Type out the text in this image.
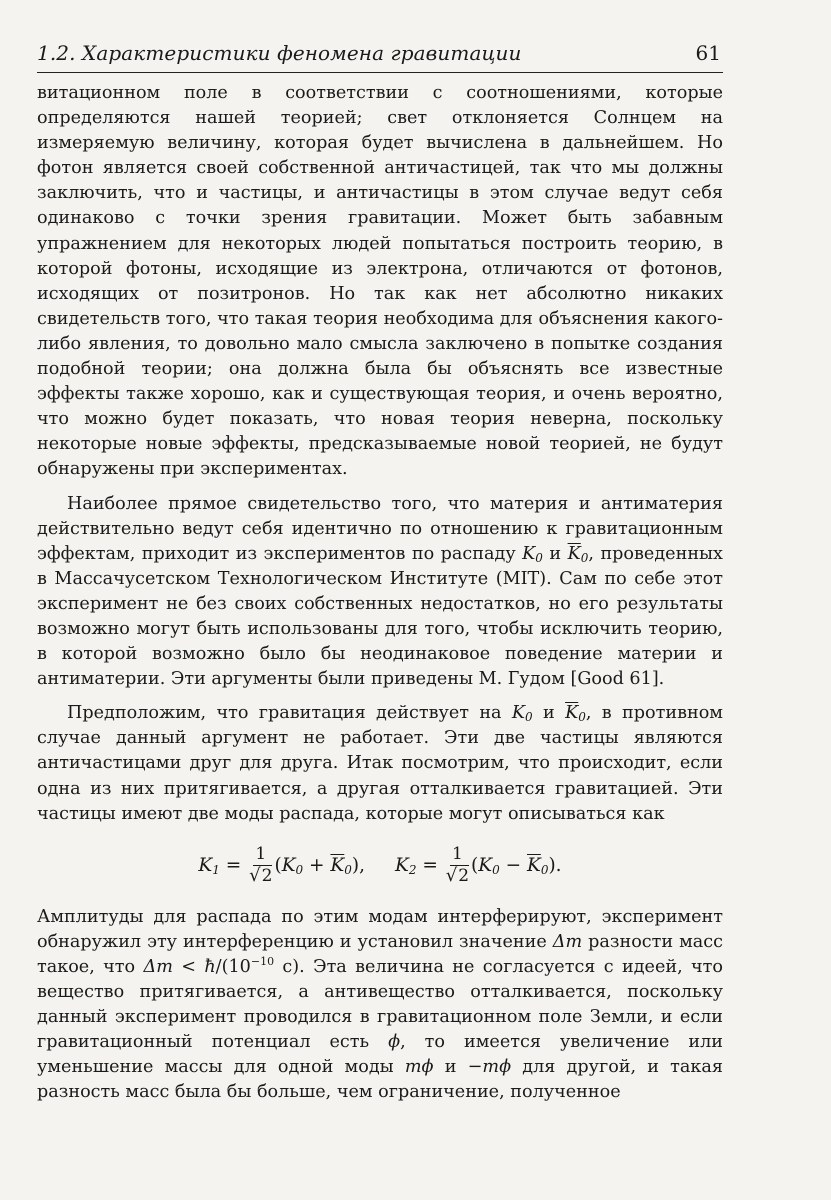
1.2. Характеристики феномена гравитации	61

витационном поле в соответствии с соотношениями, которые определяются нашей теорией; свет отклоняется Солнцем на измеряемую величину, которая будет вычислена в дальнейшем. Но фотон является своей собственной античастицей, так что мы должны заключить, что и частицы, и античастицы в этом случае ведут себя одинаково с точки зрения гравитации. Может быть забавным упражнением для некоторых людей попытаться построить теорию, в которой фотоны, исходящие из электрона, отличаются от фотонов, исходящих от позитронов. Но так как нет абсолютно никаких свидетельств того, что такая теория необходима для объяснения какого-либо явления, то довольно мало смысла заключено в попытке создания подобной теории; она должна была бы объяснять все известные эффекты также хорошо, как и существующая теория, и очень вероятно, что можно будет показать, что новая теория неверна, поскольку некоторые новые эффекты, предсказываемые новой теорией, не будут обнаружены при экспериментах.

Наиболее прямое свидетельство того, что материя и антиматерия действительно ведут себя идентично по отношению к гравитационным эффектам, приходит из экспериментов по распаду $K_0$ и $\overline{K}_0$, проведенных в Массачусетском Технологическом Институте (MIT). Сам по себе этот эксперимент не без своих собственных недостатков, но его результаты возможно могут быть использованы для того, чтобы исключить теорию, в которой возможно было бы неодинаковое поведение материи и антиматерии. Эти аргументы были приведены М. Гудом [Good 61].

Предположим, что гравитация действует на $K_0$ и $\overline{K}_0$, в противном случае данный аргумент не работает. Эти две частицы являются античастицами друг для друга. Итак посмотрим, что происходит, если одна из них притягивается, а другая отталкивается гравитацией. Эти частицы имеют две моды распада, которые могут описываться как

$K_1 = \frac{1}{√2}$ ( $K_0 + \overline{K}_0$ ), $K_2 = \frac{1}{√2}$ ( $K_0 - \overline{K}_0$ ).

Амплитуды для распада по этим модам интерферируют, эксперимент обнаружил эту интерференцию и установил значение Δm разности масс такое, что $\Delta m < ħ/(10^{-10}$ с). Эта величина не согласуется с идеей, что вещество притягивается, а антивещество отталкивается, поскольку данный эксперимент проводился в гравитационном поле Земли, и если гравитационный потенциал есть ϕ, то имеется увеличение или уменьшение массы для одной моды mϕ и −mϕ для другой, и такая разность масс была бы больше, чем ограничение, полученное
